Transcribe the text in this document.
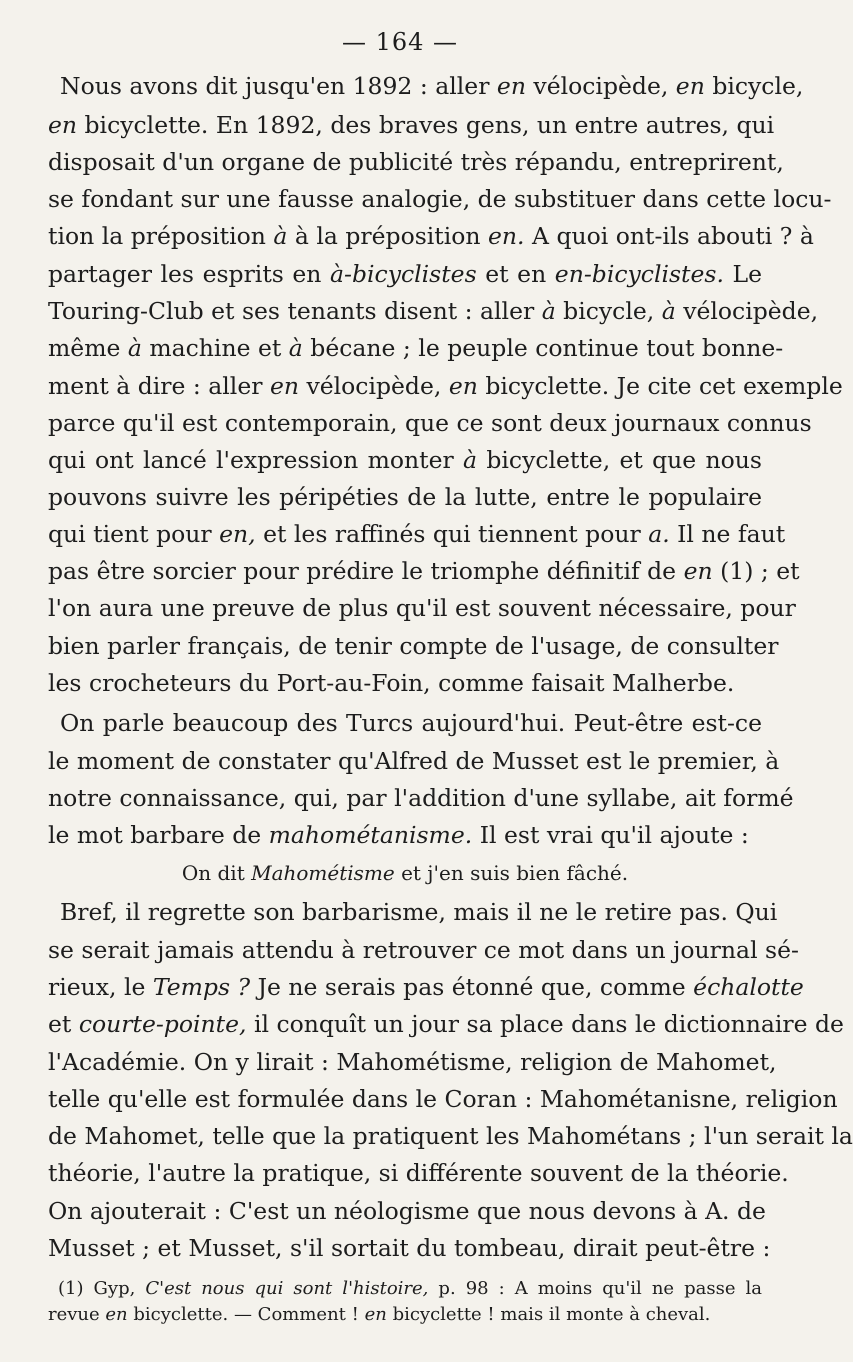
— 164 —
Nous avons dit jusqu'en 1892 : aller en vélocipède, en bicycle,
en bicyclette. En 1892, des braves gens, un entre autres, qui
disposait d'un organe de publicité très répandu, entreprirent,
se fondant sur une fausse analogie, de substituer dans cette locu-
tion la préposition à à la préposition en. A quoi ont-ils abouti ? à
partager les esprits en à-bicyclistes et en en-bicyclistes. Le
Touring-Club et ses tenants disent : aller à bicycle, à vélocipède,
même à machine et à bécane ; le peuple continue tout bonne-
ment à dire : aller en vélocipède, en bicyclette. Je cite cet exemple
parce qu'il est contemporain, que ce sont deux journaux connus
qui ont lancé l'expression monter à bicyclette, et que nous
pouvons suivre les péripéties de la lutte, entre le populaire
qui tient pour en, et les raffinés qui tiennent pour a. Il ne faut
pas être sorcier pour prédire le triomphe définitif de en (1) ; et
l'on aura une preuve de plus qu'il est souvent nécessaire, pour
bien parler français, de tenir compte de l'usage, de consulter
les crocheteurs du Port-au-Foin, comme faisait Malherbe.
On parle beaucoup des Turcs aujourd'hui. Peut-être est-ce
le moment de constater qu'Alfred de Musset est le premier, à
notre connaissance, qui, par l'addition d'une syllabe, ait formé
le mot barbare de mahométanisme. Il est vrai qu'il ajoute :
On dit Mahométisme et j'en suis bien fâché.
Bref, il regrette son barbarisme, mais il ne le retire pas. Qui
se serait jamais attendu à retrouver ce mot dans un journal sé-
rieux, le Temps ? Je ne serais pas étonné que, comme échalotte
et courte-pointe, il conquît un jour sa place dans le dictionnaire de
l'Académie. On y lirait : Mahométisme, religion de Mahomet,
telle qu'elle est formulée dans le Coran : Mahométanisne, religion
de Mahomet, telle que la pratiquent les Mahométans ; l'un serait la
théorie, l'autre la pratique, si différente souvent de la théorie.
On ajouterait : C'est un néologisme que nous devons à A. de
Musset ; et Musset, s'il sortait du tombeau, dirait peut-être :
(1) Gyp, C'est nous qui sont l'histoire, p. 98 : A moins qu'il ne passe la
revue en bicyclette. — Comment ! en bicyclette ! mais il monte à cheval.
